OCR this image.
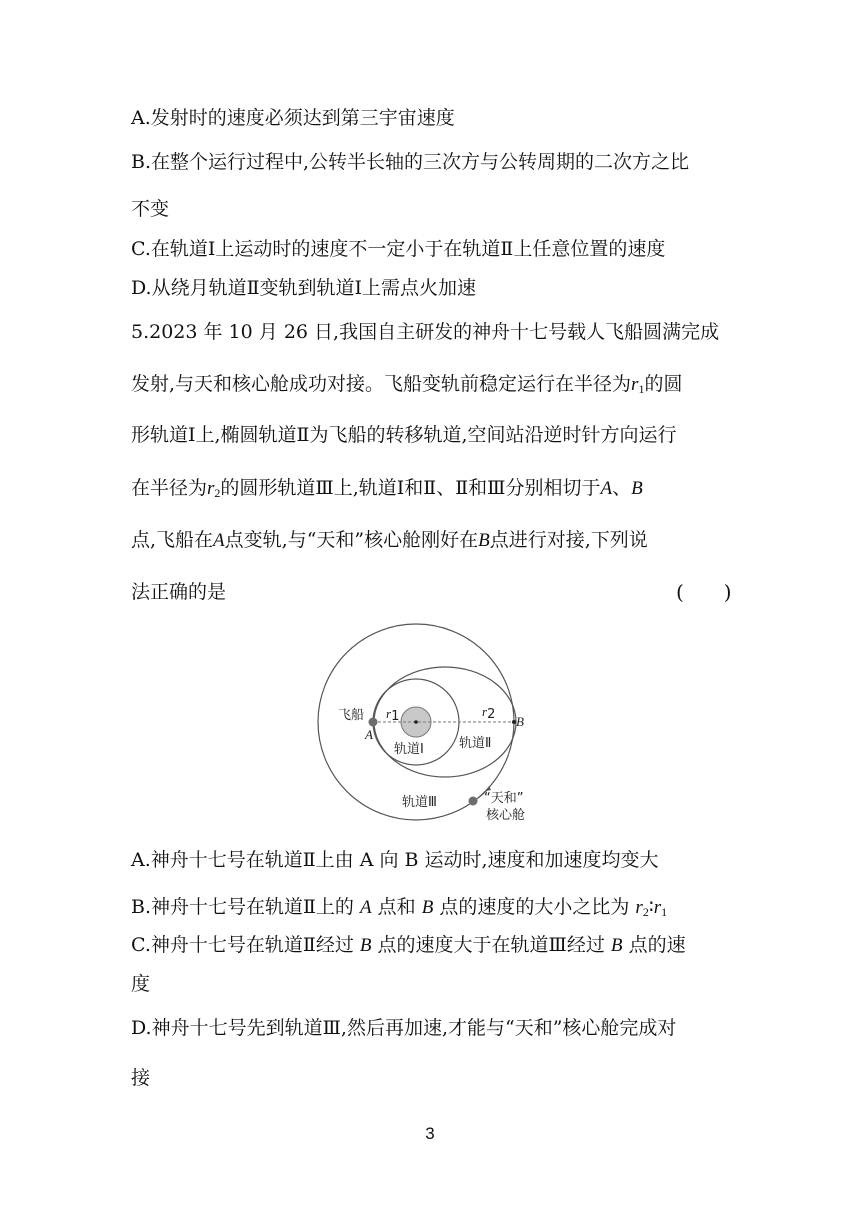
A.发射时的速度必须达到第三宇宙速度
B.在整个运行过程中,公转半长轴的三次方与公转周期的二次方之比
不变
C.在轨道Ⅰ上运动时的速度不一定小于在轨道Ⅱ上任意位置的速度
D.从绕月轨道Ⅱ变轨到轨道Ⅰ上需点火加速
5.2023 年 10 月 26 日,我国自主研发的神舟十七号载人飞船圆满完成
发射,与天和核心舱成功对接。飞船变轨前稳定运行在半径为r1的圆
形轨道Ⅰ上,椭圆轨道Ⅱ为飞船的转移轨道,空间站沿逆时针方向运行
在半径为r2的圆形轨道Ⅲ上,轨道Ⅰ和Ⅱ、Ⅱ和Ⅲ分别相切于A、B
点,飞船在A点变轨,与“天和”核心舱刚好在B点进行对接,下列说
法正确的是	(　　)
飞船
A
B
r1	r2
轨道Ⅰ	轨道Ⅱ
轨道Ⅲ	“天和”
核心舱
A.神舟十七号在轨道Ⅱ上由 A 向 B 运动时,速度和加速度均变大
B.神舟十七号在轨道Ⅱ上的 A 点和 B 点的速度的大小之比为 r2∶r1
C.神舟十七号在轨道Ⅱ经过 B 点的速度大于在轨道Ⅲ经过 B 点的速
度
D.神舟十七号先到轨道Ⅲ,然后再加速,才能与“天和”核心舱完成对
接
3
